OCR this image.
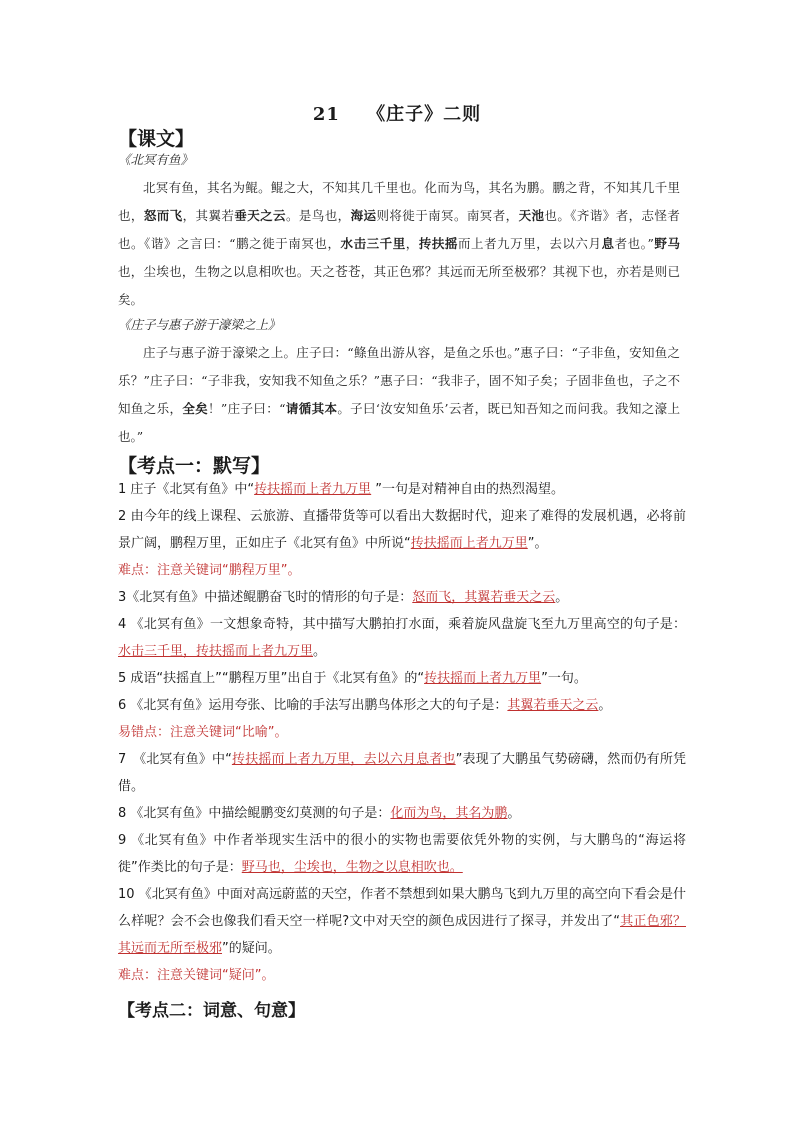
21 《庄子》二则
【课文】
《北冥有鱼》
北冥有鱼，其名为鲲。鲲之大，不知其几千里也。化而为鸟，其名为鹏。鹏之背，不知其几千里也，怒而飞，其翼若垂天之云。是鸟也，海运则将徙于南冥。南冥者，天池也。《齐谐》者，志怪者也。《谐》之言曰：“鹏之徙于南冥也，水击三千里，抟扶摇而上者九万里，去以六月息者也。”野马也，尘埃也，生物之以息相吹也。天之苍苍，其正色邪？其远而无所至极邪？其视下也，亦若是则已矣。
《庄子与惠子游于濠梁之上》
庄子与惠子游于濠梁之上。庄子曰：“鲦鱼出游从容，是鱼之乐也。”惠子曰：“子非鱼，安知鱼之乐？”庄子曰：“子非我，安知我不知鱼之乐？”惠子曰：“我非子，固不知子矣；子固非鱼也，子之不知鱼之乐，全矣！”庄子曰：“请循其本。子曰‘汝安知鱼乐’云者，既已知吾知之而问我。我知之濠上也。”
【考点一：默写】
1 庄子《北冥有鱼》中“抟扶摇而上者九万里 ”一句是对精神自由的热烈渴望。
2 由今年的线上课程、云旅游、直播带货等可以看出大数据时代，迎来了难得的发展机遇，必将前景广阔，鹏程万里，正如庄子《北冥有鱼》中所说“抟扶摇而上者九万里”。
难点：注意关键词“鹏程万里”。
3《北冥有鱼》中描述鲲鹏奋飞时的情形的句子是：怒而飞，其翼若垂天之云。
4 《北冥有鱼》一文想象奇特，其中描写大鹏拍打水面，乘着旋风盘旋飞至九万里高空的句子是：水击三千里，抟扶摇而上者九万里。
5 成语“扶摇直上”“鹏程万里”出自于《北冥有鱼》的“抟扶摇而上者九万里”一句。
6 《北冥有鱼》运用夸张、比喻的手法写出鹏鸟体形之大的句子是：其翼若垂天之云。
易错点：注意关键词“比喻”。
7　《北冥有鱼》中“抟扶摇而上者九万里，去以六月息者也”表现了大鹏虽气势磅礴，然而仍有所凭借。
8 《北冥有鱼》中描绘鲲鹏变幻莫测的句子是：化而为鸟，其名为鹏。
9 《北冥有鱼》中作者举现实生活中的很小的实物也需要依凭外物的实例，与大鹏鸟的“海运将徙”作类比的句子是：野马也，尘埃也，生物之以息相吹也。
10 《北冥有鱼》中面对高远蔚蓝的天空，作者不禁想到如果大鹏鸟飞到九万里的高空向下看会是什么样呢？会不会也像我们看天空一样呢?文中对天空的颜色成因进行了探寻，并发出了“其正色邪？其远而无所至极邪”的疑问。
难点：注意关键词“疑问”。
【考点二：词意、句意】
